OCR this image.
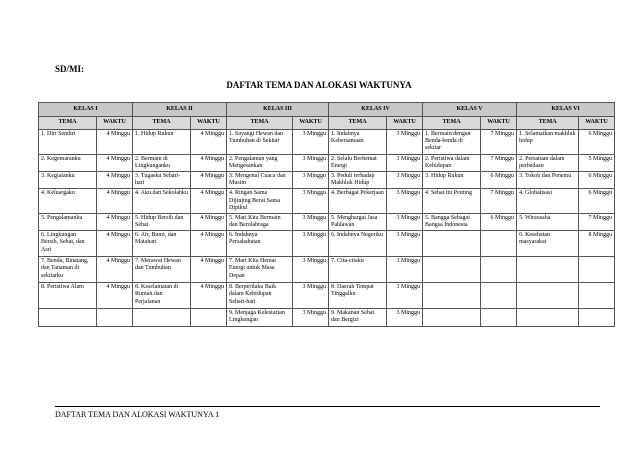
SD/MI:

DAFTAR TEMA DAN ALOKASI WAKTUNYA
KELAS I		KELAS II		KELAS III		KELAS IV		KELAS V		KELAS VI	
TEMA	WAKTU	TEMA	WAKTU	TEMA	WAKTU	TEMA	WAKTU	TEMA	WAKTU	TEMA	WAKTU
1. Diri Sendiri	4 Minggu	1. Hidup Rukun	4 Minggu	1. Sayangi Hewan dan Tumbuhan di Sekitar	3 Minggu	1. Indahnya Kebersamaan	3 Minggu	1. Bermain dengan Benda-benda di sekitar	7 Minggu	1. Selamatkan makhluk hidup	6 Minggu
2. Kegemaranku	4 Minggu	2. Bermain di Lingkunganku	4 Minggu	2. Pengalaman yang Mengesankan	3 Minggu	2. Selalu Berhemat Energi	3 Minggu	2. Peristiwa dalam Kehidupan	7 Minggu	2. Persatuan dalam perbedaan	5 Minggu
3. Kegiatanku	4 Minggu	3. Tugasku Sehari-hari	4 Minggu	3. Mengenal Cuaca dan Musim	3 Minggu	3. Peduli terhadap Makhluk Hidup	3 Minggu	3. Hidup Rukun	6 Minggu	3. Tokoh dan Penemu	6 Minggu
4. Keluargaku	4 Minggu	4. Aku dan Sekolahku	4 Minggu	4. Ringan Sama Dijinjing Berat Sama Dipikul	3 Minggu	4. Berbagai Pekerjaan	3 Minggu	4. Sehat itu Penting	7 Minggu	4. Globalisasi	6 Minggu
5. Pengalamanku	4 Minggu	5. Hidup Bersih dan Sehat	4 Minggu	5. Mari Kita Bermain dan Berolahraga	3 Minggu	5. Menghargai Jasa Pahlawan	3 Minggu	5. Bangga Sebagai Bangsa Indonesia	6 Minggu	5. Wirausaha	7 Minggu
6. Lingkungan Bersih, Sehat, dan Asri	4 Minggu	6. Air, Bumi, dan Matahari	4 Minggu	6. Indahnya Persahabatan	3 Minggu	6. Indahnya Negeriku	3 Minggu			6. Kesehatan masyarakat	8 Minggu
7. Benda, Binatang, dan Tanaman di sekitarku	4 Minggu	7. Merawat Hewan dan Tumbuhan	4 Minggu	7. Mari Kita Hemat Energi untuk Masa Depan	3 Minggu	7. Cita-citaku	3 Minggu				
8. Peristiwa Alam	4 Minggu	8. Keselamatan di Rumah dan Perjalanan	4 Minggu	8. Berperilaku Baik dalam Kehidupan Sehari-hari	3 Minggu	8. Daerah Tempat Tinggalku	3 Minggu				
				9. Menjaga Kelestarian Lingkungan	3 Minggu	9. Makanan Sehat dan Bergizi	3 Minggu				

DAFTAR TEMA DAN ALOKASI WAKTUNYA 1
